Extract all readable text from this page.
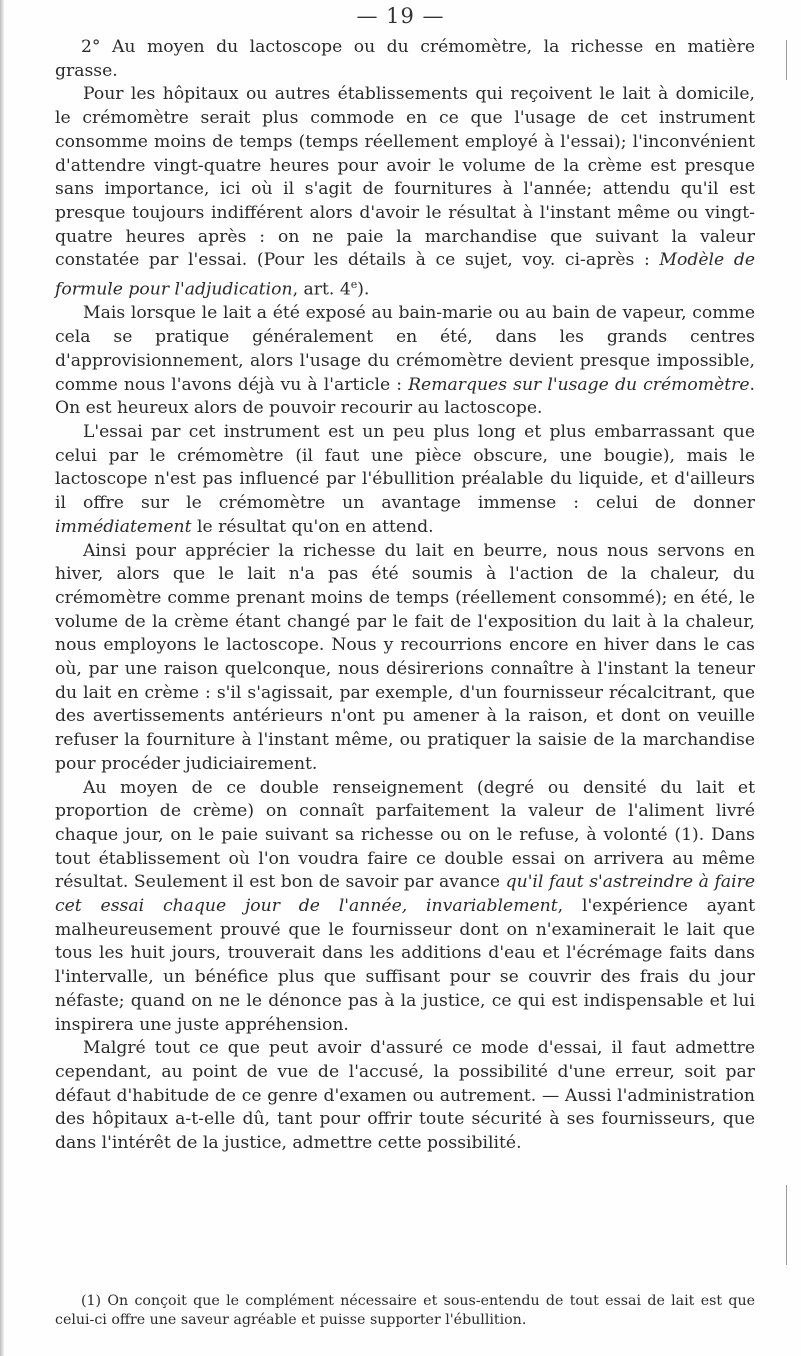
— 19 —

2° Au moyen du lactoscope ou du crémomètre, la richesse en matière grasse.

Pour les hôpitaux ou autres établissements qui reçoivent le lait à domicile, le crémomètre serait plus commode en ce que l'usage de cet instrument consomme moins de temps (temps réellement employé à l'essai); l'inconvénient d'attendre vingt-quatre heures pour avoir le volume de la crème est presque sans importance, ici où il s'agit de fournitures à l'année; attendu qu'il est presque toujours indifférent alors d'avoir le résultat à l'instant même ou vingt-quatre heures après : on ne paie la marchandise que suivant la valeur constatée par l'essai. (Pour les détails à ce sujet, voy. ci-après : Modèle de formule pour l'adjudication, art. 4e).

Mais lorsque le lait a été exposé au bain-marie ou au bain de vapeur, comme cela se pratique généralement en été, dans les grands centres d'approvisionnement, alors l'usage du crémomètre devient presque impossible, comme nous l'avons déjà vu à l'article : Remarques sur l'usage du crémomètre. On est heureux alors de pouvoir recourir au lactoscope.

L'essai par cet instrument est un peu plus long et plus embarrassant que celui par le crémomètre (il faut une pièce obscure, une bougie), mais le lactoscope n'est pas influencé par l'ébullition préalable du liquide, et d'ailleurs il offre sur le crémomètre un avantage immense : celui de donner immédiatement le résultat qu'on en attend.

Ainsi pour apprécier la richesse du lait en beurre, nous nous servons en hiver, alors que le lait n'a pas été soumis à l'action de la chaleur, du crémomètre comme prenant moins de temps (réellement consommé); en été, le volume de la crème étant changé par le fait de l'exposition du lait à la chaleur, nous employons le lactoscope. Nous y recourrions encore en hiver dans le cas où, par une raison quelconque, nous désirerions connaître à l'instant la teneur du lait en crème : s'il s'agissait, par exemple, d'un fournisseur récalcitrant, que des avertissements antérieurs n'ont pu amener à la raison, et dont on veuille refuser la fourniture à l'instant même, ou pratiquer la saisie de la marchandise pour procéder judiciairement.

Au moyen de ce double renseignement (degré ou densité du lait et proportion de crème) on connaît parfaitement la valeur de l'aliment livré chaque jour, on le paie suivant sa richesse ou on le refuse, à volonté (1). Dans tout établissement où l'on voudra faire ce double essai on arrivera au même résultat. Seulement il est bon de savoir par avance qu'il faut s'astreindre à faire cet essai chaque jour de l'année, invariablement, l'expérience ayant malheureusement prouvé que le fournisseur dont on n'examinerait le lait que tous les huit jours, trouverait dans les additions d'eau et l'écrémage faits dans l'intervalle, un bénéfice plus que suffisant pour se couvrir des frais du jour néfaste; quand on ne le dénonce pas à la justice, ce qui est indispensable et lui inspirera une juste appréhension.

Malgré tout ce que peut avoir d'assuré ce mode d'essai, il faut admettre cependant, au point de vue de l'accusé, la possibilité d'une erreur, soit par défaut d'habitude de ce genre d'examen ou autrement. — Aussi l'administration des hôpitaux a-t-elle dû, tant pour offrir toute sécurité à ses fournisseurs, que dans l'intérêt de la justice, admettre cette possibilité.

(1) On conçoit que le complément nécessaire et sous-entendu de tout essai de lait est que celui-ci offre une saveur agréable et puisse supporter l'ébullition.
